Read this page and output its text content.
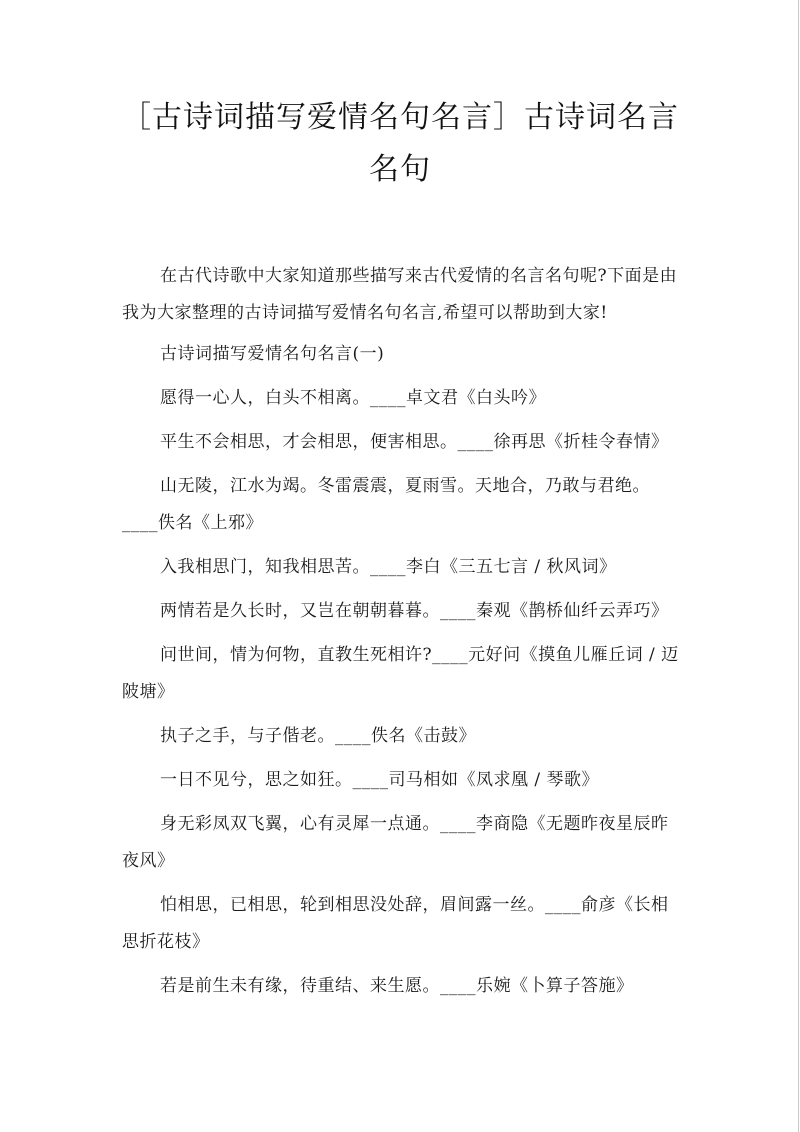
［古诗词描写爱情名句名言］古诗词名言名句

在古代诗歌中大家知道那些描写来古代爱情的名言名句呢?下面是由我为大家整理的古诗词描写爱情名句名言,希望可以帮助到大家!

古诗词描写爱情名句名言(一)

愿得一心人，白头不相离。____卓文君《白头吟》

平生不会相思，才会相思，便害相思。____徐再思《折桂令春情》

山无陵，江水为竭。冬雷震震，夏雨雪。天地合，乃敢与君绝。____佚名《上邪》

入我相思门，知我相思苦。____李白《三五七言 / 秋风词》

两情若是久长时，又岂在朝朝暮暮。____秦观《鹊桥仙纤云弄巧》

问世间，情为何物，直教生死相许?____元好问《摸鱼儿雁丘词 / 迈陂塘》

执子之手，与子偕老。____佚名《击鼓》

一日不见兮，思之如狂。____司马相如《凤求凰 / 琴歌》

身无彩凤双飞翼，心有灵犀一点通。____李商隐《无题昨夜星辰昨夜风》

怕相思，已相思，轮到相思没处辞，眉间露一丝。____俞彦《长相思折花枝》

若是前生未有缘，待重结、来生愿。____乐婉《卜算子答施》
